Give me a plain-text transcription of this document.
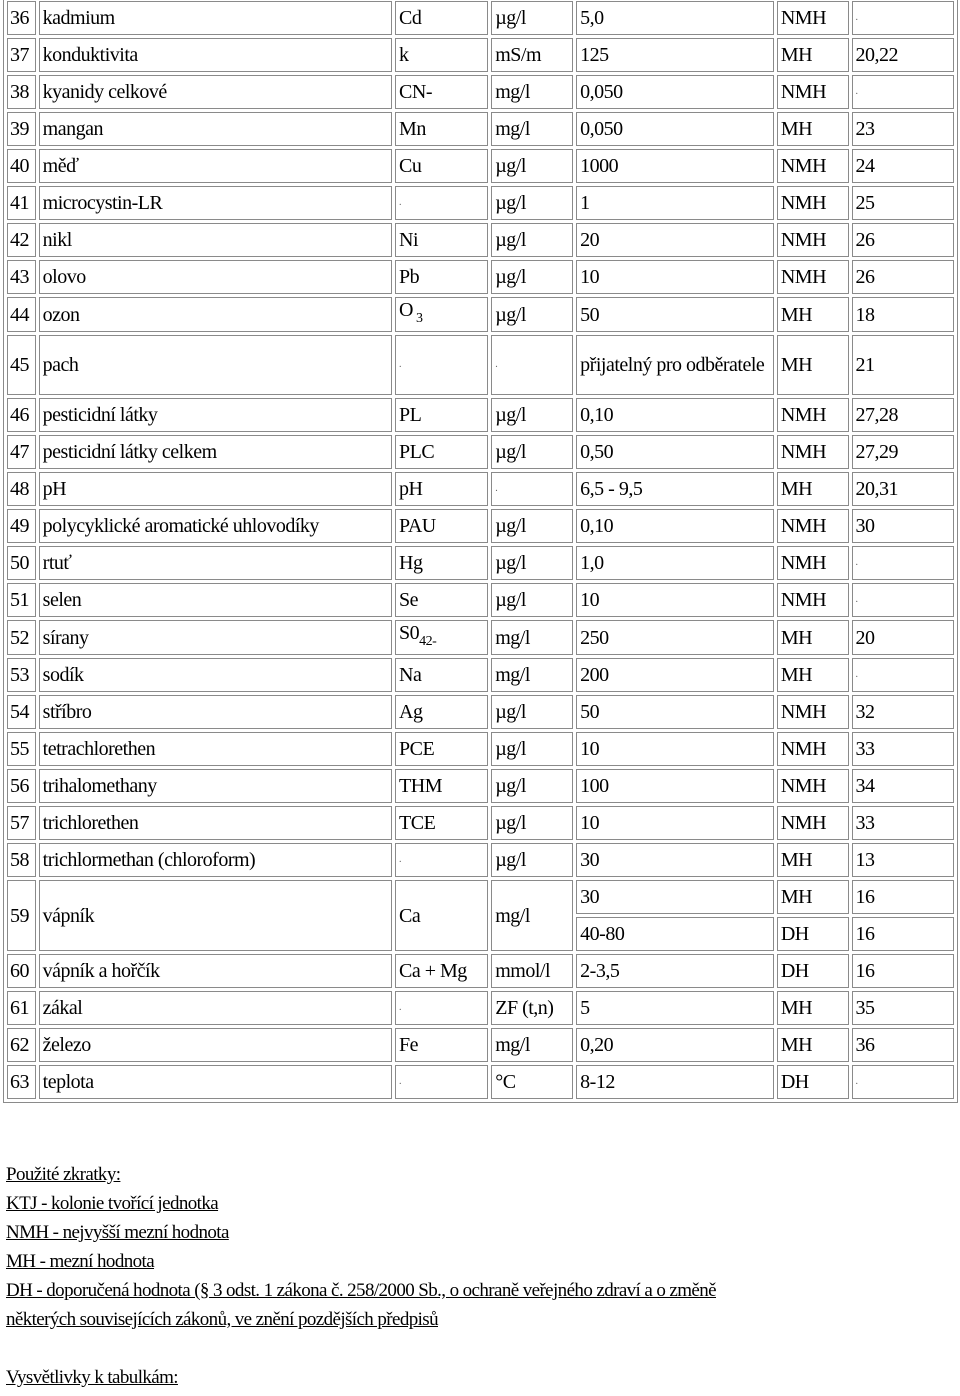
36	kadmium	Cd	µg/l	5,0	NMH	.
37	konduktivita	k	mS/m	125	MH	20,22
38	kyanidy celkové	CN-	mg/l	0,050	NMH	.
39	mangan	Mn	mg/l	0,050	MH	23
40	měď	Cu	µg/l	1000	NMH	24
41	microcystin-LR	.	µg/l	1	NMH	25
42	nikl	Ni	µg/l	20	NMH	26
43	olovo	Pb	µg/l	10	NMH	26
44	ozon	O $_3$	µg/l	50	MH	18
45	pach	.	.	přijatelný pro odběratele	MH	21
46	pesticidní látky	PL	µg/l	0,10	NMH	27,28
47	pesticidní látky celkem	PLC	µg/l	0,50	NMH	27,29
48	pH	pH	.	6,5 - 9,5	MH	20,31
49	polycyklické aromatické uhlovodíky	PAU	µg/l	0,10	NMH	30
50	rtuť	Hg	µg/l	1,0	NMH	.
51	selen	Se	µg/l	10	NMH	.
52	sírany	$S0_{42-}$	mg/l	250	MH	20
53	sodík	Na	mg/l	200	MH	.
54	stříbro	Ag	µg/l	50	NMH	32
55	tetrachlorethen	PCE	µg/l	10	NMH	33
56	trihalomethany	THM	µg/l	100	NMH	34
57	trichlorethen	TCE	µg/l	10	NMH	33
58	trichlormethan (chloroform)	.	µg/l	30	MH	13
59	vápník	Ca	mg/l	30	MH	16
				40-80	DH	16
60	vápník a hořčík	Ca + Mg	mmol/l	2-3,5	DH	16
61	zákal	.	ZF (t,n)	5	MH	35
62	železo	Fe	mg/l	0,20	MH	36
63	teplota	.	°C	8-12	DH	.
Použité zkratky:
KTJ - kolonie tvořící jednotka
NMH - nejvyšší mezní hodnota
MH - mezní hodnota
DH - doporučená hodnota (§ 3 odst. 1 zákona č. 258/2000 Sb., o ochraně veřejného zdraví a o změně
některých souvisejících zákonů, ve znění pozdějších předpisů
Vysvětlivky k tabulkám:
